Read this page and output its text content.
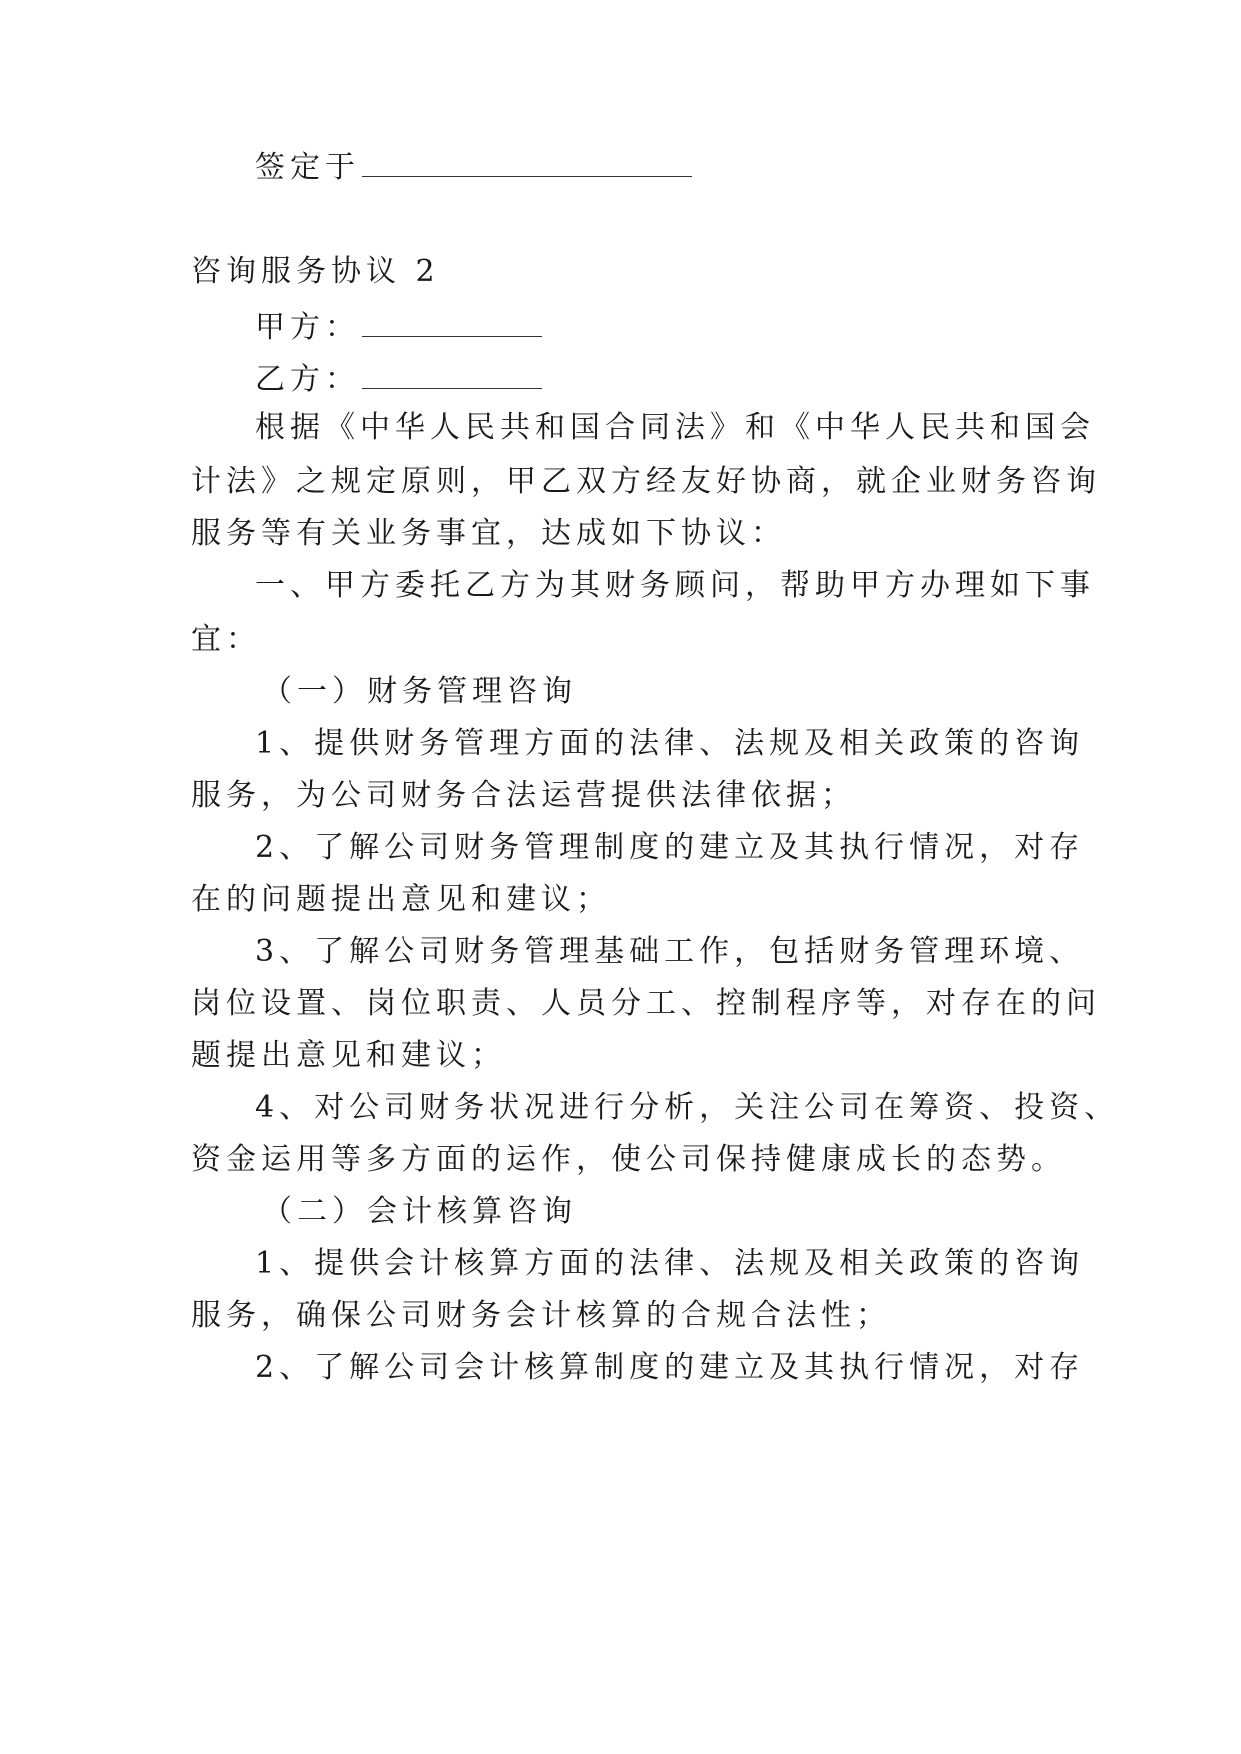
签定于
咨询服务协议 2
甲方：
乙方：
根据《中华人民共和国合同法》和《中华人民共和国会
计法》之规定原则，甲乙双方经友好协商，就企业财务咨询
服务等有关业务事宜，达成如下协议：
一、甲方委托乙方为其财务顾问，帮助甲方办理如下事
宜：
（一）财务管理咨询
1、提供财务管理方面的法律、法规及相关政策的咨询
服务，为公司财务合法运营提供法律依据；
2、了解公司财务管理制度的建立及其执行情况，对存
在的问题提出意见和建议；
3、了解公司财务管理基础工作，包括财务管理环境、
岗位设置、岗位职责、人员分工、控制程序等，对存在的问
题提出意见和建议；
4、对公司财务状况进行分析，关注公司在筹资、投资、
资金运用等多方面的运作，使公司保持健康成长的态势。
（二）会计核算咨询
1、提供会计核算方面的法律、法规及相关政策的咨询
服务，确保公司财务会计核算的合规合法性；
2、了解公司会计核算制度的建立及其执行情况，对存
